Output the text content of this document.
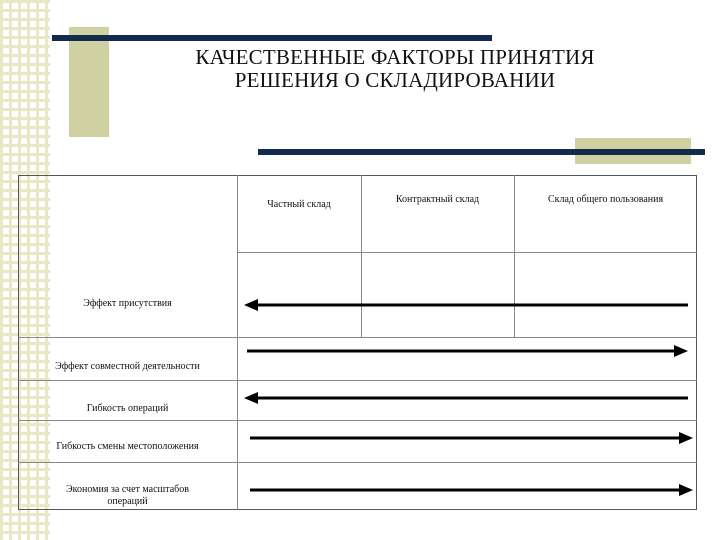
КАЧЕСТВЕННЫЕ ФАКТОРЫ ПРИНЯТИЯ
РЕШЕНИЯ О СКЛАДИРОВАНИИ
Частный склад	Контрактный склад	Склад общего пользования
Эффект присутствия
Эффект совместной деятельности
Гибкость операций
Гибкость смены местоположения
Экономия за счет масштабов
операций
